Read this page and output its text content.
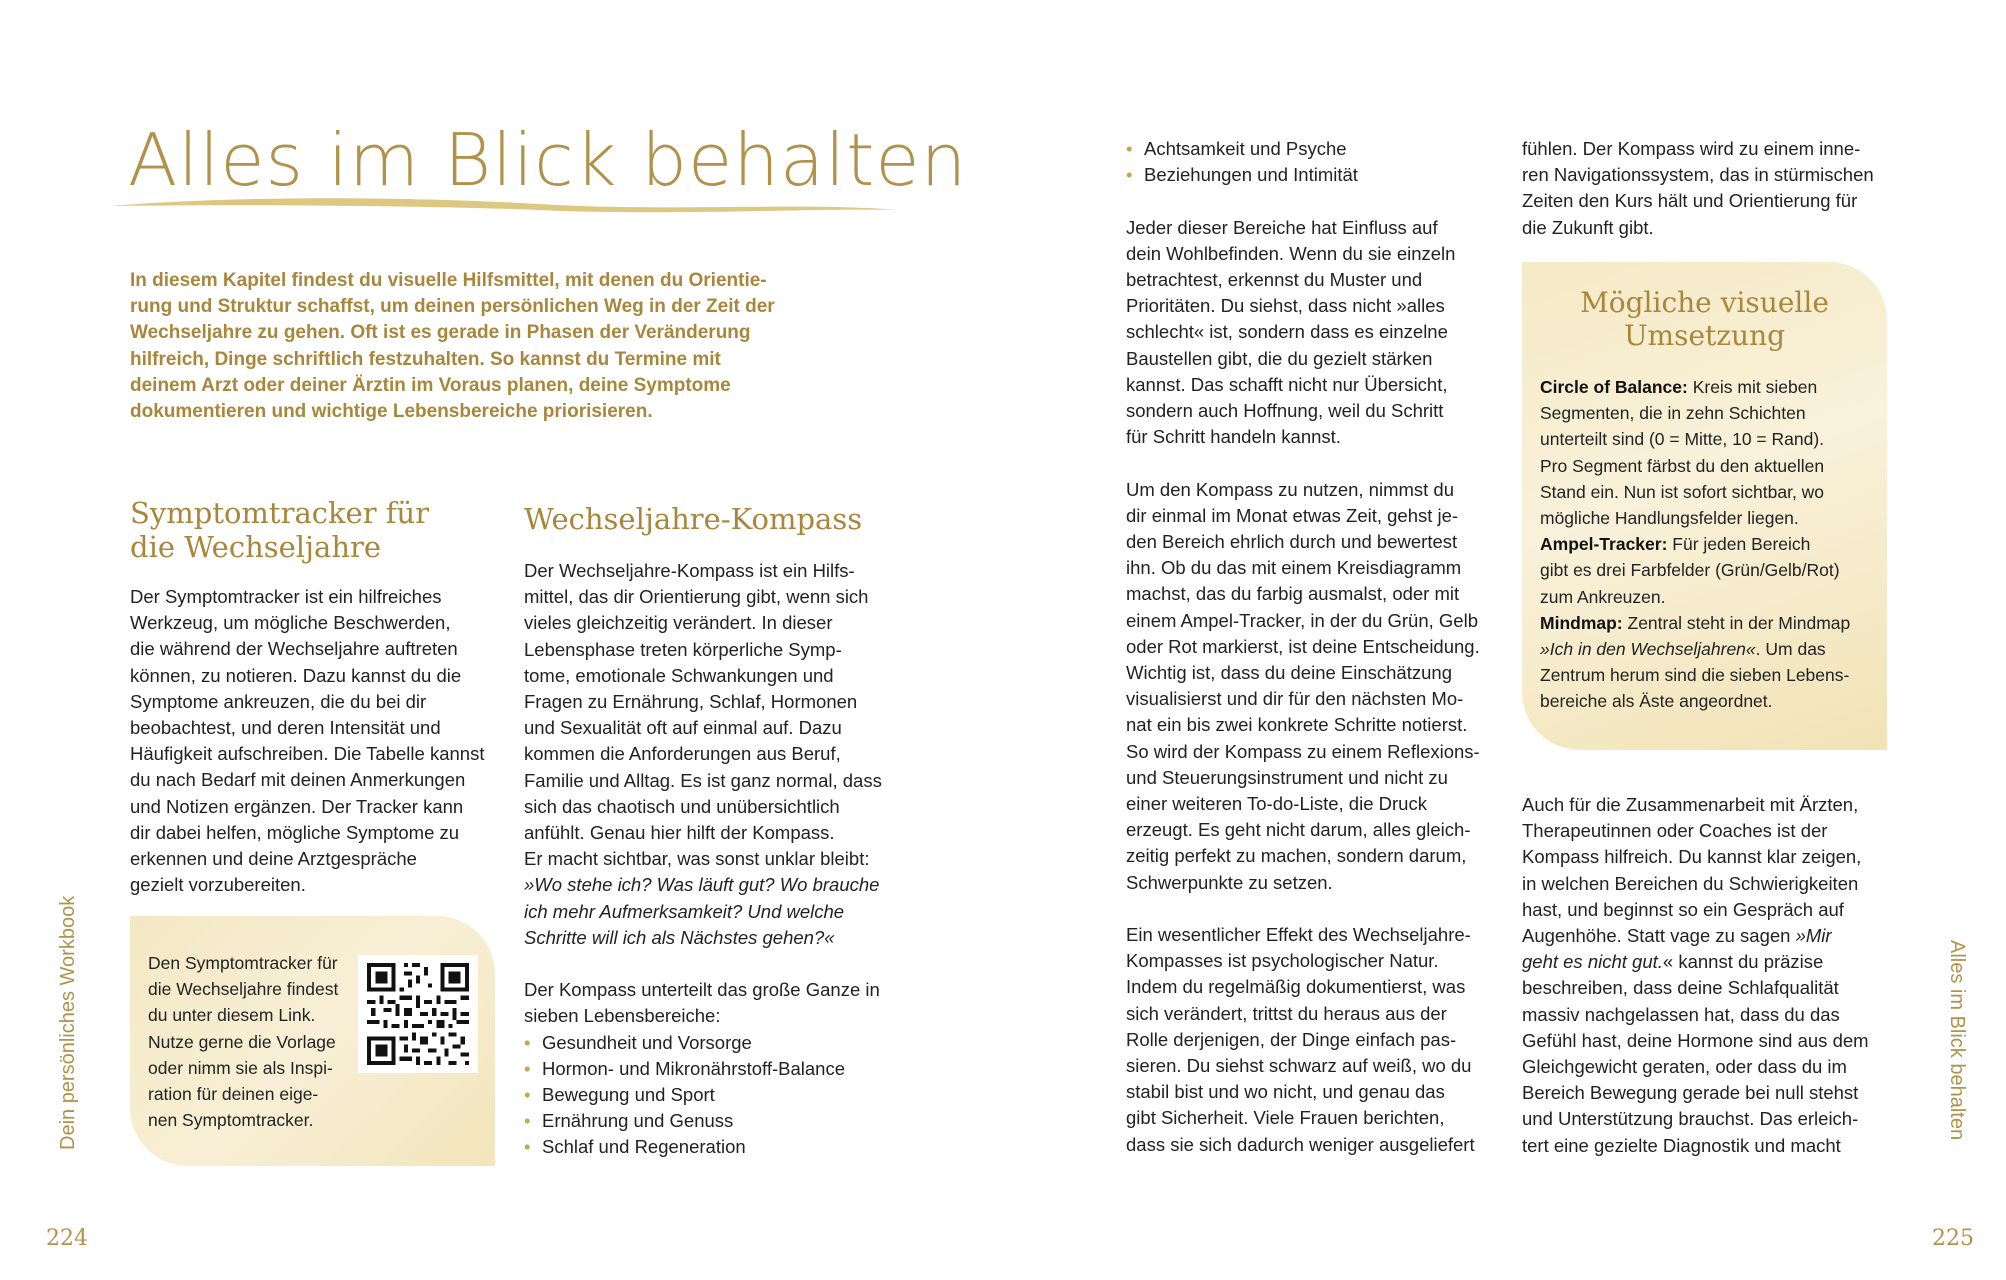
Alles im Blick behalten
In diesem Kapitel findest du visuelle Hilfsmittel, mit denen du Orientie-
rung und Struktur schaffst, um deinen persönlichen Weg in der Zeit der
Wechseljahre zu gehen. Oft ist es gerade in Phasen der Veränderung
hilfreich, Dinge schriftlich festzuhalten. So kannst du Termine mit
deinem Arzt oder deiner Ärztin im Voraus planen, deine Symptome
dokumentieren und wichtige Lebensbereiche priorisieren.
Symptomtracker für
die Wechseljahre
Der Symptomtracker ist ein hilfreiches
Werkzeug, um mögliche Beschwerden,
die während der Wechseljahre auftreten
können, zu notieren. Dazu kannst du die
Symptome ankreuzen, die du bei dir
beobachtest, und deren Intensität und
Häufigkeit aufschreiben. Die Tabelle kannst
du nach Bedarf mit deinen Anmerkungen
und Notizen ergänzen. Der Tracker kann
dir dabei helfen, mögliche Symptome zu
erkennen und deine Arztgespräche
gezielt vorzubereiten.
Den Symptomtracker für
die Wechseljahre findest
du unter diesem Link.
Nutze gerne die Vorlage
oder nimm sie als Inspi-
ration für deinen eige-
nen Symptomtracker.
Wechseljahre-Kompass
Der Wechseljahre-Kompass ist ein Hilfs-
mittel, das dir Orientierung gibt, wenn sich
vieles gleichzeitig verändert. In dieser
Lebensphase treten körperliche Symp-
tome, emotionale Schwankungen und
Fragen zu Ernährung, Schlaf, Hormonen
und Sexualität oft auf einmal auf. Dazu
kommen die Anforderungen aus Beruf,
Familie und Alltag. Es ist ganz normal, dass
sich das chaotisch und unübersichtlich
anfühlt. Genau hier hilft der Kompass.
Er macht sichtbar, was sonst unklar bleibt:
»Wo stehe ich? Was läuft gut? Wo brauche
ich mehr Aufmerksamkeit? Und welche
Schritte will ich als Nächstes gehen?«
Der Kompass unterteilt das große Ganze in
sieben Lebensbereiche:
• Gesundheit und Vorsorge
• Hormon- und Mikronährstoff-Balance
• Bewegung und Sport
• Ernährung und Genuss
• Schlaf und Regeneration
• Achtsamkeit und Psyche
• Beziehungen und Intimität
Jeder dieser Bereiche hat Einfluss auf
dein Wohlbefinden. Wenn du sie einzeln
betrachtest, erkennst du Muster und
Prioritäten. Du siehst, dass nicht »alles
schlecht« ist, sondern dass es einzelne
Baustellen gibt, die du gezielt stärken
kannst. Das schafft nicht nur Übersicht,
sondern auch Hoffnung, weil du Schritt
für Schritt handeln kannst.
Um den Kompass zu nutzen, nimmst du
dir einmal im Monat etwas Zeit, gehst je-
den Bereich ehrlich durch und bewertest
ihn. Ob du das mit einem Kreisdiagramm
machst, das du farbig ausmalst, oder mit
einem Ampel-Tracker, in der du Grün, Gelb
oder Rot markierst, ist deine Entscheidung.
Wichtig ist, dass du deine Einschätzung
visualisierst und dir für den nächsten Mo-
nat ein bis zwei konkrete Schritte notierst.
So wird der Kompass zu einem Reflexions-
und Steuerungsinstrument und nicht zu
einer weiteren To-do-Liste, die Druck
erzeugt. Es geht nicht darum, alles gleich-
zeitig perfekt zu machen, sondern darum,
Schwerpunkte zu setzen.
Ein wesentlicher Effekt des Wechseljahre-
Kompasses ist psychologischer Natur.
Indem du regelmäßig dokumentierst, was
sich verändert, trittst du heraus aus der
Rolle derjenigen, der Dinge einfach pas-
sieren. Du siehst schwarz auf weiß, wo du
stabil bist und wo nicht, und genau das
gibt Sicherheit. Viele Frauen berichten,
dass sie sich dadurch weniger ausgeliefert
fühlen. Der Kompass wird zu einem inne-
ren Navigationssystem, das in stürmischen
Zeiten den Kurs hält und Orientierung für
die Zukunft gibt.
Mögliche visuelle
Umsetzung
Circle of Balance: Kreis mit sieben
Segmenten, die in zehn Schichten
unterteilt sind (0 = Mitte, 10 = Rand).
Pro Segment färbst du den aktuellen
Stand ein. Nun ist sofort sichtbar, wo
mögliche Handlungsfelder liegen.
Ampel-Tracker: Für jeden Bereich
gibt es drei Farbfelder (Grün/Gelb/Rot)
zum Ankreuzen.
Mindmap: Zentral steht in der Mindmap
»Ich in den Wechseljahren«. Um das
Zentrum herum sind die sieben Lebens-
bereiche als Äste angeordnet.
Auch für die Zusammenarbeit mit Ärzten,
Therapeutinnen oder Coaches ist der
Kompass hilfreich. Du kannst klar zeigen,
in welchen Bereichen du Schwierigkeiten
hast, und beginnst so ein Gespräch auf
Augenhöhe. Statt vage zu sagen »Mir
geht es nicht gut.« kannst du präzise
beschreiben, dass deine Schlafqualität
massiv nachgelassen hat, dass du das
Gefühl hast, deine Hormone sind aus dem
Gleichgewicht geraten, oder dass du im
Bereich Bewegung gerade bei null stehst
und Unterstützung brauchst. Das erleich-
tert eine gezielte Diagnostik und macht
Dein persönliches Workbook	Alles im Blick behalten
224	225
